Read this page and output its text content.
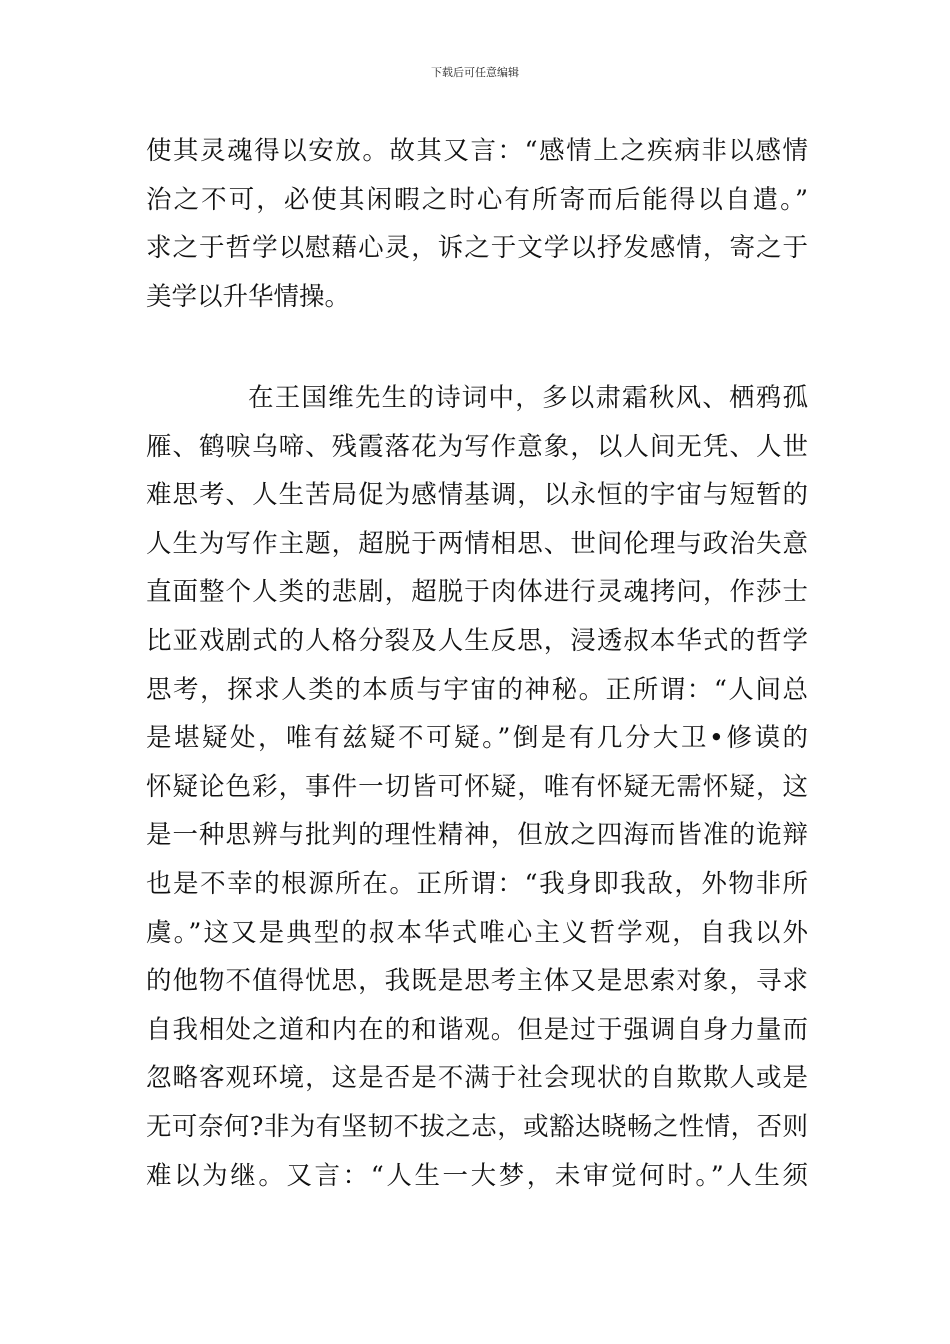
下载后可任意编辑
使其灵魂得以安放。故其又言：“感情上之疾病非以感情
治之不可，必使其闲暇之时心有所寄而后能得以自遣。”
求之于哲学以慰藉心灵，诉之于文学以抒发感情，寄之于
美学以升华情操。
在王国维先生的诗词中，多以肃霜秋风、栖鸦孤
雁、鹤唳乌啼、残霞落花为写作意象，以人间无凭、人世
难思考、人生苦局促为感情基调，以永恒的宇宙与短暂的
人生为写作主题，超脱于两情相思、世间伦理与政治失意
直面整个人类的悲剧，超脱于肉体进行灵魂拷问，作莎士
比亚戏剧式的人格分裂及人生反思，浸透叔本华式的哲学
思考，探求人类的本质与宇宙的神秘。正所谓：“人间总
是堪疑处，唯有兹疑不可疑。”倒是有几分大卫•修谟的
怀疑论色彩，事件一切皆可怀疑，唯有怀疑无需怀疑，这
是一种思辨与批判的理性精神，但放之四海而皆准的诡辩
也是不幸的根源所在。正所谓：“我身即我敌，外物非所
虞。”这又是典型的叔本华式唯心主义哲学观，自我以外
的他物不值得忧思，我既是思考主体又是思索对象，寻求
自我相处之道和内在的和谐观。但是过于强调自身力量而
忽略客观环境，这是否是不满于社会现状的自欺欺人或是
无可奈何?非为有坚韧不拔之志，或豁达晓畅之性情，否则
难以为继。又言：“人生一大梦，未审觉何时。”人生须
